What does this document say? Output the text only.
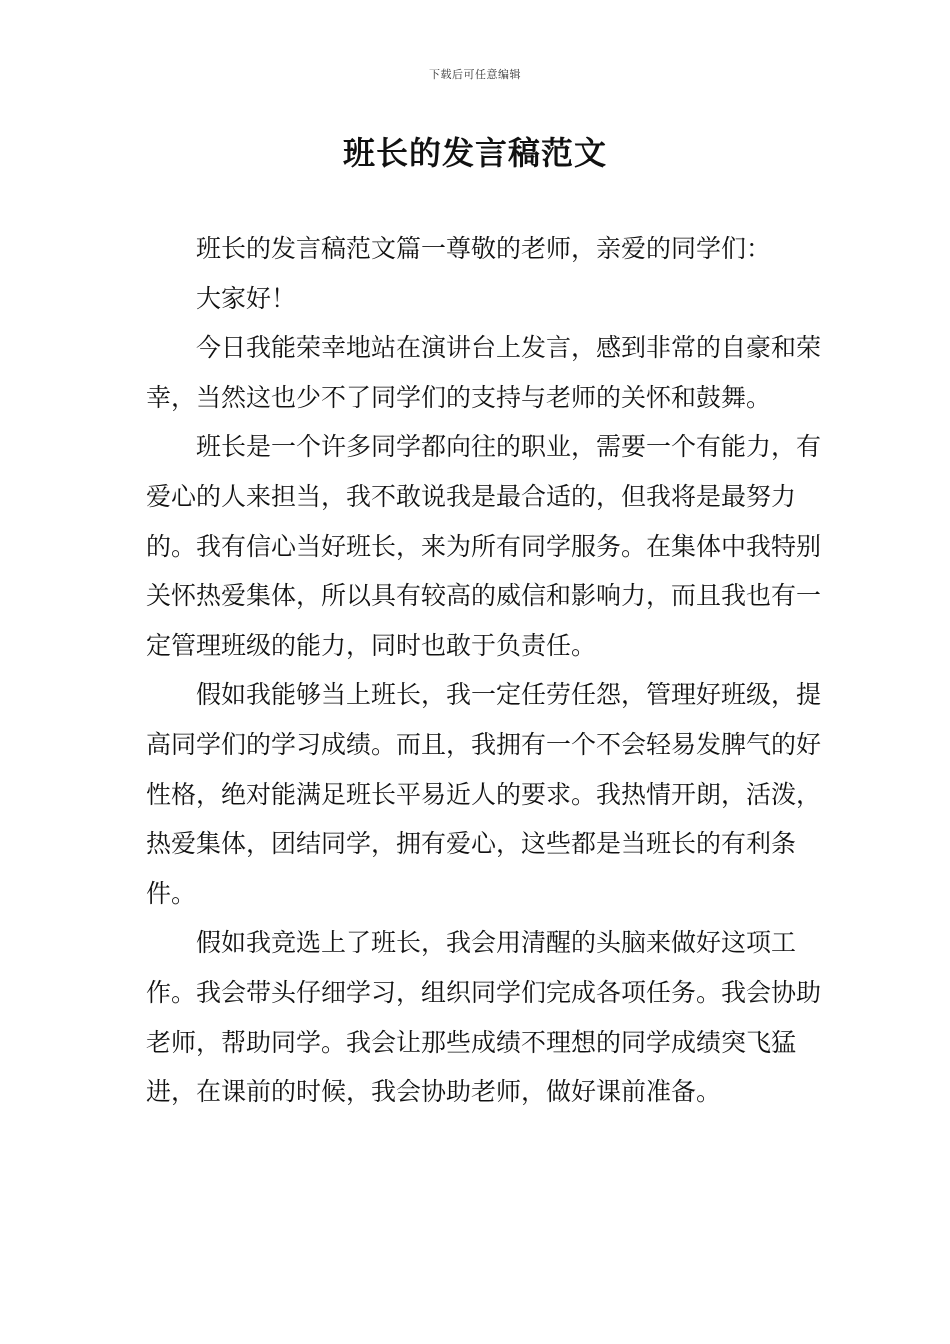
下载后可任意编辑
班长的发言稿范文

班长的发言稿范文篇一尊敬的老师，亲爱的同学们：

大家好！

今日我能荣幸地站在演讲台上发言，感到非常的自豪和荣幸，当然这也少不了同学们的支持与老师的关怀和鼓舞。

班长是一个许多同学都向往的职业，需要一个有能力，有爱心的人来担当，我不敢说我是最合适的，但我将是最努力的。我有信心当好班长，来为所有同学服务。在集体中我特别关怀热爱集体，所以具有较高的威信和影响力，而且我也有一定管理班级的能力，同时也敢于负责任。

假如我能够当上班长，我一定任劳任怨，管理好班级，提高同学们的学习成绩。而且，我拥有一个不会轻易发脾气的好性格，绝对能满足班长平易近人的要求。我热情开朗，活泼，热爱集体，团结同学，拥有爱心，这些都是当班长的有利条件。

假如我竞选上了班长，我会用清醒的头脑来做好这项工作。我会带头仔细学习，组织同学们完成各项任务。我会协助老师，帮助同学。我会让那些成绩不理想的同学成绩突飞猛进，在课前的时候，我会协助老师，做好课前准备。
